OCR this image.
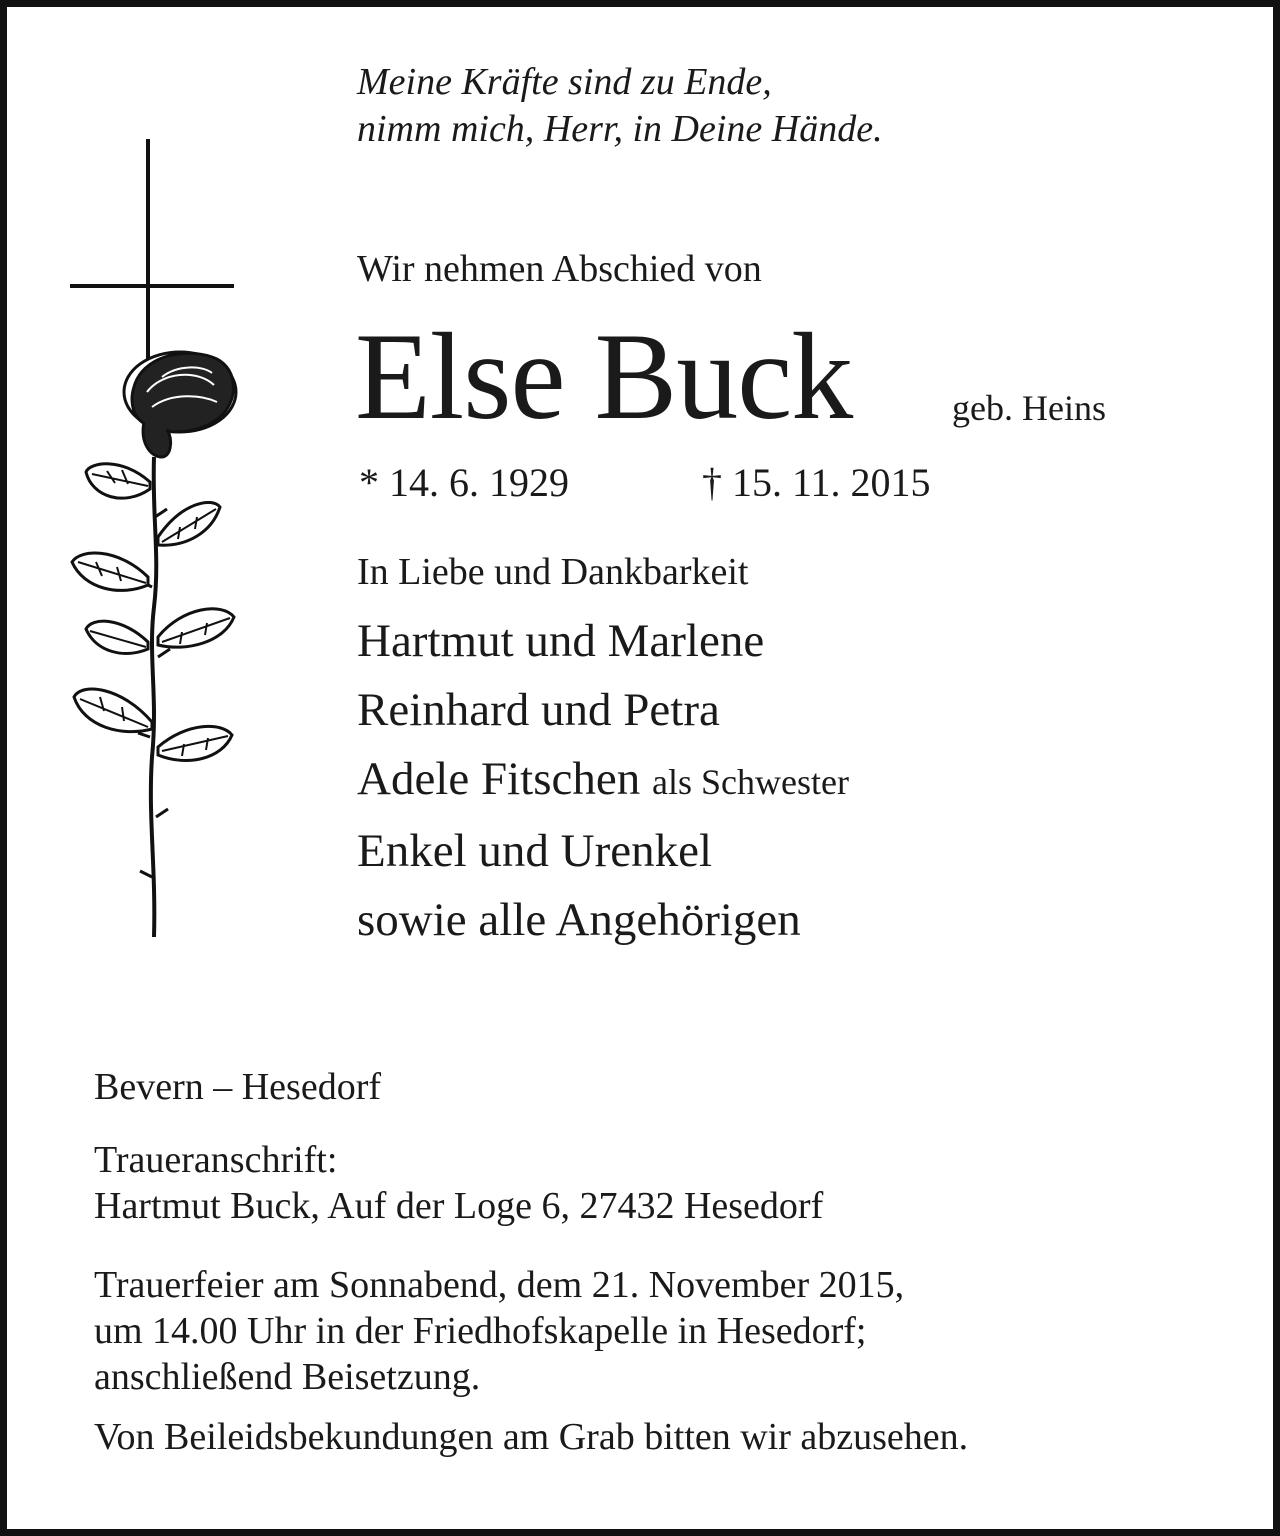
Meine Kräfte sind zu Ende,
nimm mich, Herr, in Deine Hände.
Wir nehmen Abschied von
Else Buck	geb. Heins
* 14. 6. 1929	† 15. 11. 2015
In Liebe und Dankbarkeit
Hartmut und Marlene
Reinhard und Petra
Adele Fitschen als Schwester
Enkel und Urenkel
sowie alle Angehörigen
Bevern – Hesedorf
Traueranschrift:
Hartmut Buck, Auf der Loge 6, 27432 Hesedorf
Trauerfeier am Sonnabend, dem 21. November 2015,
um 14.00 Uhr in der Friedhofskapelle in Hesedorf;
anschließend Beisetzung.
Von Beileidsbekundungen am Grab bitten wir abzusehen.
